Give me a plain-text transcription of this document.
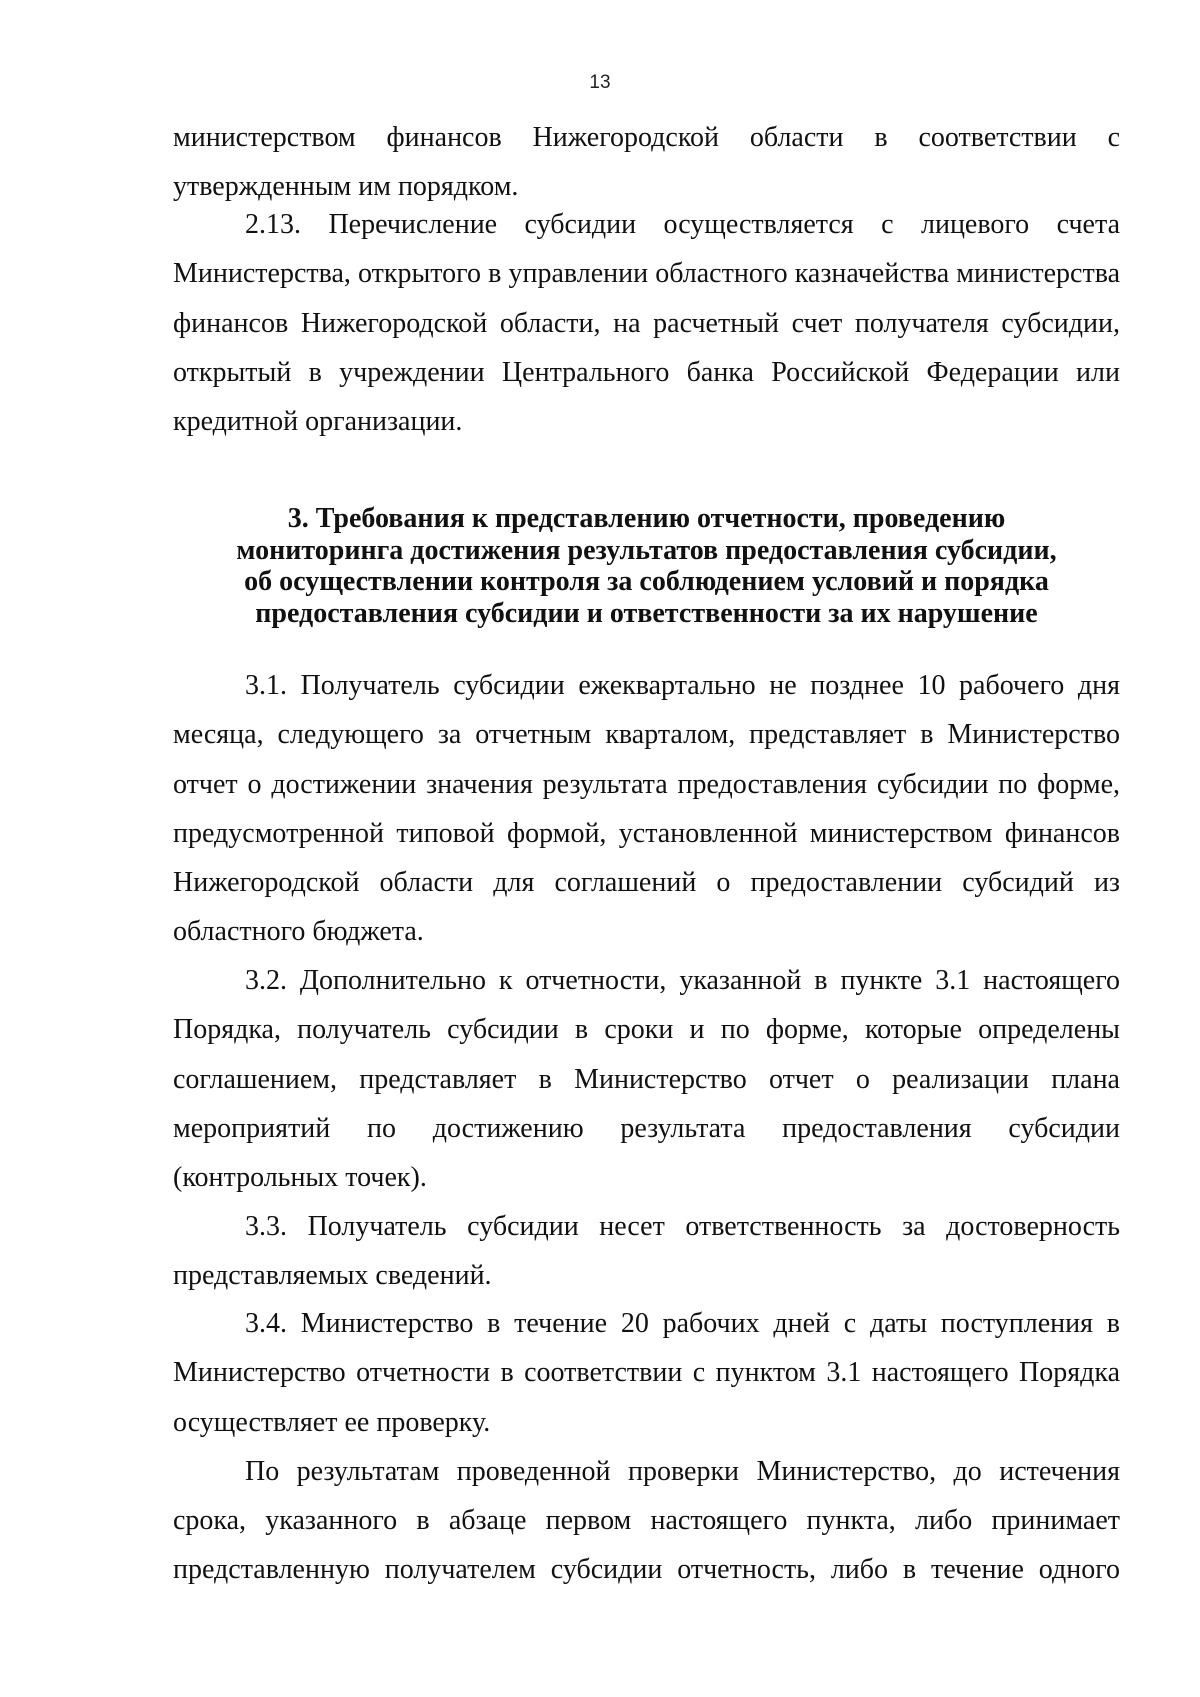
13

министерством финансов Нижегородской области в соответствии с утвержденным им порядком.

2.13. Перечисление субсидии осуществляется с лицевого счета Министерства, открытого в управлении областного казначейства министерства финансов Нижегородской области, на расчетный счет получателя субсидии, открытый в учреждении Центрального банка Российской Федерации или кредитной организации.

3. Требования к представлению отчетности, проведению
мониторинга достижения результатов предоставления субсидии,
об осуществлении контроля за соблюдением условий и порядка
предоставления субсидии и ответственности за их нарушение

3.1. Получатель субсидии ежеквартально не позднее 10 рабочего дня месяца, следующего за отчетным кварталом, представляет в Министерство отчет о достижении значения результата предоставления субсидии по форме, предусмотренной типовой формой, установленной министерством финансов Нижегородской области для соглашений о предоставлении субсидий из областного бюджета.

3.2. Дополнительно к отчетности, указанной в пункте 3.1 настоящего Порядка, получатель субсидии в сроки и по форме, которые определены соглашением, представляет в Министерство отчет о реализации плана мероприятий по достижению результата предоставления субсидии (контрольных точек).

3.3. Получатель субсидии несет ответственность за достоверность представляемых сведений.

3.4. Министерство в течение 20 рабочих дней с даты поступления в Министерство отчетности в соответствии с пунктом 3.1 настоящего Порядка осуществляет ее проверку.

По результатам проведенной проверки Министерство, до истечения срока, указанного в абзаце первом настоящего пункта, либо принимает

представленную получателем субсидии отчетность, либо в течение одного
